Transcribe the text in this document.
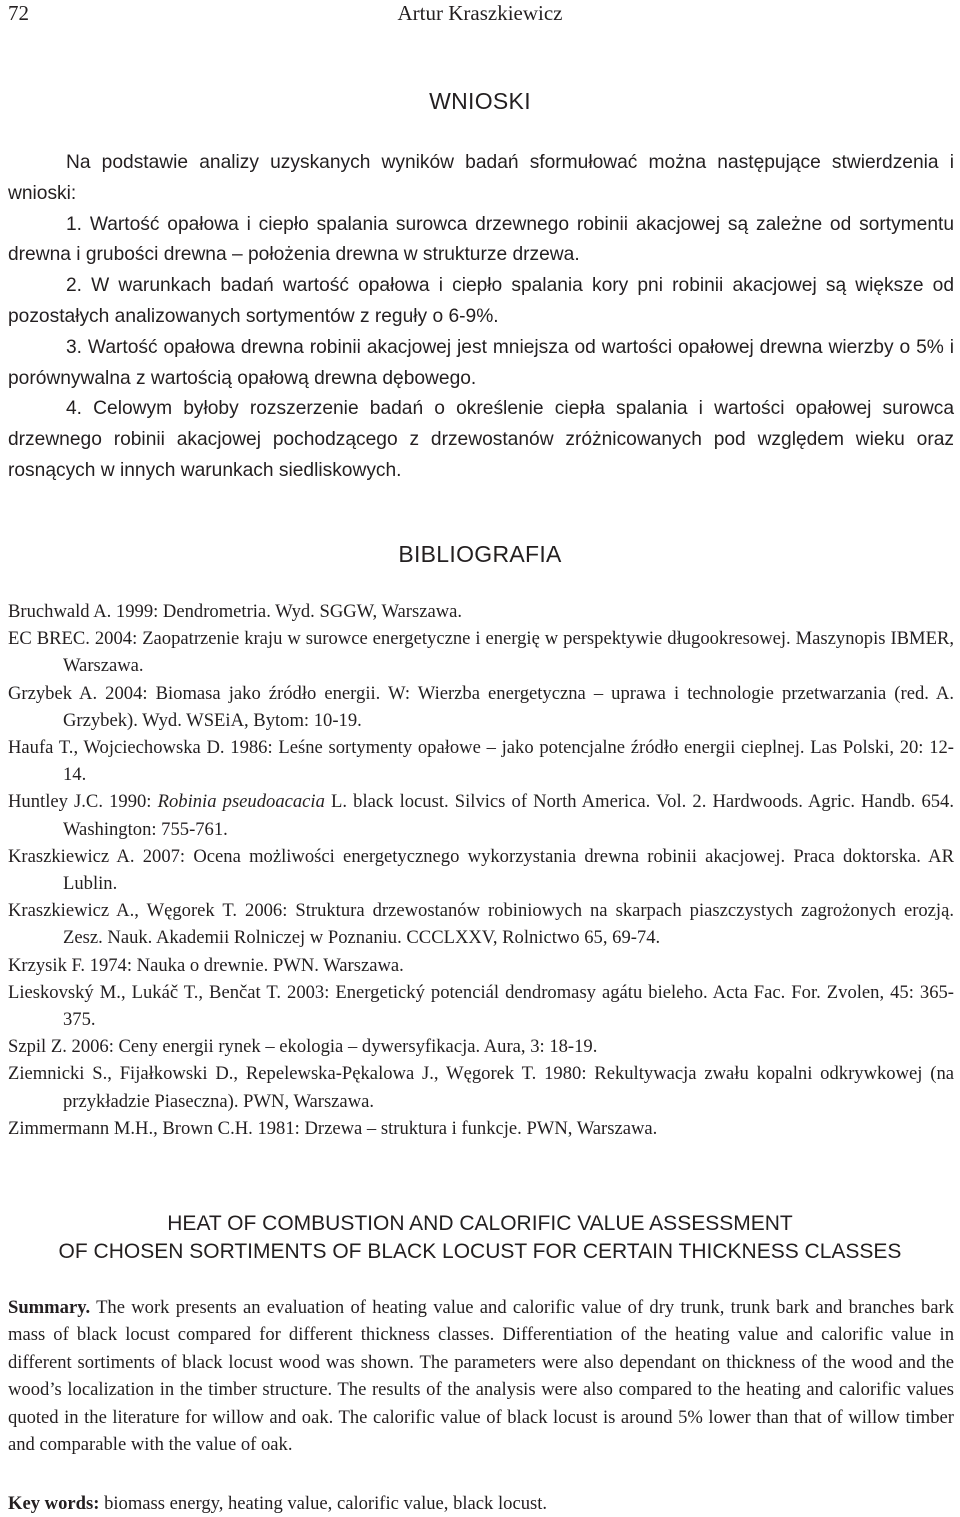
72	Artur Kraszkiewicz
WNIOSKI

Na podstawie analizy uzyskanych wyników badań sformułować można następujące stwierdzenia i wnioski:

1. Wartość opałowa i ciepło spalania surowca drzewnego robinii akacjowej są zależne od sortymentu drewna i grubości drewna – położenia drewna w strukturze drzewa.

2. W warunkach badań wartość opałowa i ciepło spalania kory pni robinii akacjowej są większe od pozostałych analizowanych sortymentów z reguły o 6-9%.

3. Wartość opałowa drewna robinii akacjowej jest mniejsza od wartości opałowej drewna wierzby o 5% i porównywalna z wartością opałową drewna dębowego.

4. Celowym byłoby rozszerzenie badań o określenie ciepła spalania i wartości opałowej surowca drzewnego robinii akacjowej pochodzącego z drzewostanów zróżnicowanych pod względem wieku oraz rosnących w innych warunkach siedliskowych.

BIBLIOGRAFIA

Bruchwald A. 1999: Dendrometria. Wyd. SGGW, Warszawa.

EC BREC. 2004: Zaopatrzenie kraju w surowce energetyczne i energię w perspektywie długookresowej. Maszynopis IBMER, Warszawa.

Grzybek A. 2004: Biomasa jako źródło energii. W: Wierzba energetyczna – uprawa i technologie przetwarzania (red. A. Grzybek). Wyd. WSEiA, Bytom: 10-19.

Haufa T., Wojciechowska D. 1986: Leśne sortymenty opałowe – jako potencjalne źródło energii cieplnej. Las Polski, 20: 12-14.

Huntley J.C. 1990: Robinia pseudoacacia L. black locust. Silvics of North America. Vol. 2. Hardwoods. Agric. Handb. 654. Washington: 755-761.

Kraszkiewicz A. 2007: Ocena możliwości energetycznego wykorzystania drewna robinii akacjowej. Praca doktorska. AR Lublin.

Kraszkiewicz A., Węgorek T. 2006: Struktura drzewostanów robiniowych na skarpach piaszczystych zagrożonych erozją. Zesz. Nauk. Akademii Rolniczej w Poznaniu. CCCLXXV, Rolnictwo 65, 69-74.

Krzysik F. 1974: Nauka o drewnie. PWN. Warszawa.

Lieskovský M., Lukáč T., Benčat T. 2003: Energetický potenciál dendromasy agátu bieleho. Acta Fac. For. Zvolen, 45: 365-375.

Szpil Z. 2006: Ceny energii rynek – ekologia – dywersyfikacja. Aura, 3: 18-19.

Ziemnicki S., Fijałkowski D., Repelewska-Pękalowa J., Węgorek T. 1980: Rekultywacja zwału kopalni odkrywkowej (na przykładzie Piaseczna). PWN, Warszawa.

Zimmermann M.H., Brown C.H. 1981: Drzewa – struktura i funkcje. PWN, Warszawa.

HEAT OF COMBUSTION AND CALORIFIC VALUE ASSESSMENT
OF CHOSEN SORTIMENTS OF BLACK LOCUST FOR CERTAIN THICKNESS CLASSES

Summary. The work presents an evaluation of heating value and calorific value of dry trunk, trunk bark and branches bark mass of black locust compared for different thickness classes. Differentiation of the heating value and calorific value in different sortiments of black locust wood was shown. The parameters were also dependant on thickness of the wood and the wood’s localization in the timber structure. The results of the analysis were also compared to the heating and calorific values quoted in the literature for willow and oak. The calorific value of black locust is around 5% lower than that of willow timber and comparable with the value of oak.

Key words: biomass energy, heating value, calorific value, black locust.
